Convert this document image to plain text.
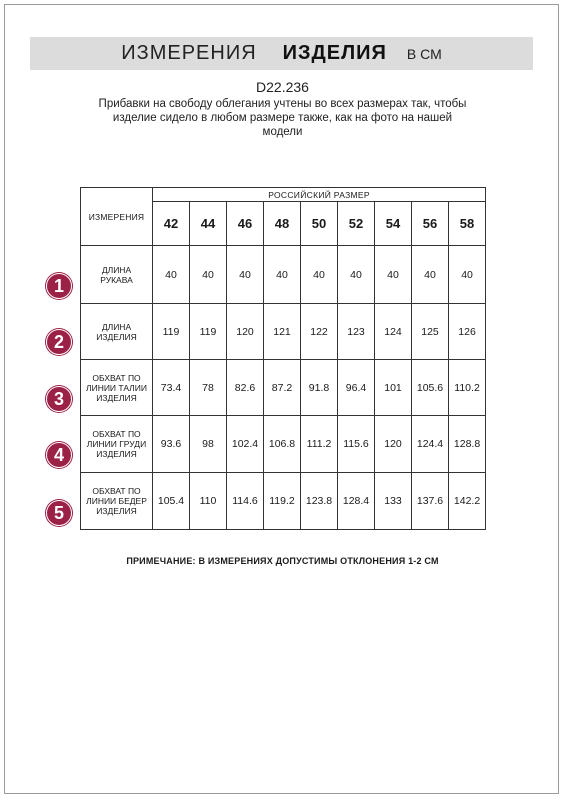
ИЗМЕРЕНИЯ ИЗДЕЛИЯ В СМ
D22.236
Прибавки на свободу облегания учтены во всех размерах так, чтобы изделие сидело в любом размере также, как на фото на нашей модели
ИЗМЕРЕНИЯ	РОССИЙСКИЙ РАЗМЕР								
	42	44	46	48	50	52	54	56	58
ДЛИНА
РУКАВА	40	40	40	40	40	40	40	40	40
ДЛИНА
ИЗДЕЛИЯ	119	119	120	121	122	123	124	125	126
ОБХВАТ ПО
ЛИНИИ ТАЛИИ
ИЗДЕЛИЯ	73.4	78	82.6	87.2	91.8	96.4	101	105.6	110.2
ОБХВАТ ПО
ЛИНИИ ГРУДИ
ИЗДЕЛИЯ	93.6	98	102.4	106.8	111.2	115.6	120	124.4	128.8
ОБХВАТ ПО
ЛИНИИ БЕДЕР
ИЗДЕЛИЯ	105.4	110	114.6	119.2	123.8	128.4	133	137.6	142.2
1
2
3
4
5
ПРИМЕЧАНИЕ: В ИЗМЕРЕНИЯХ ДОПУСТИМЫ ОТКЛОНЕНИЯ 1-2 СМ
